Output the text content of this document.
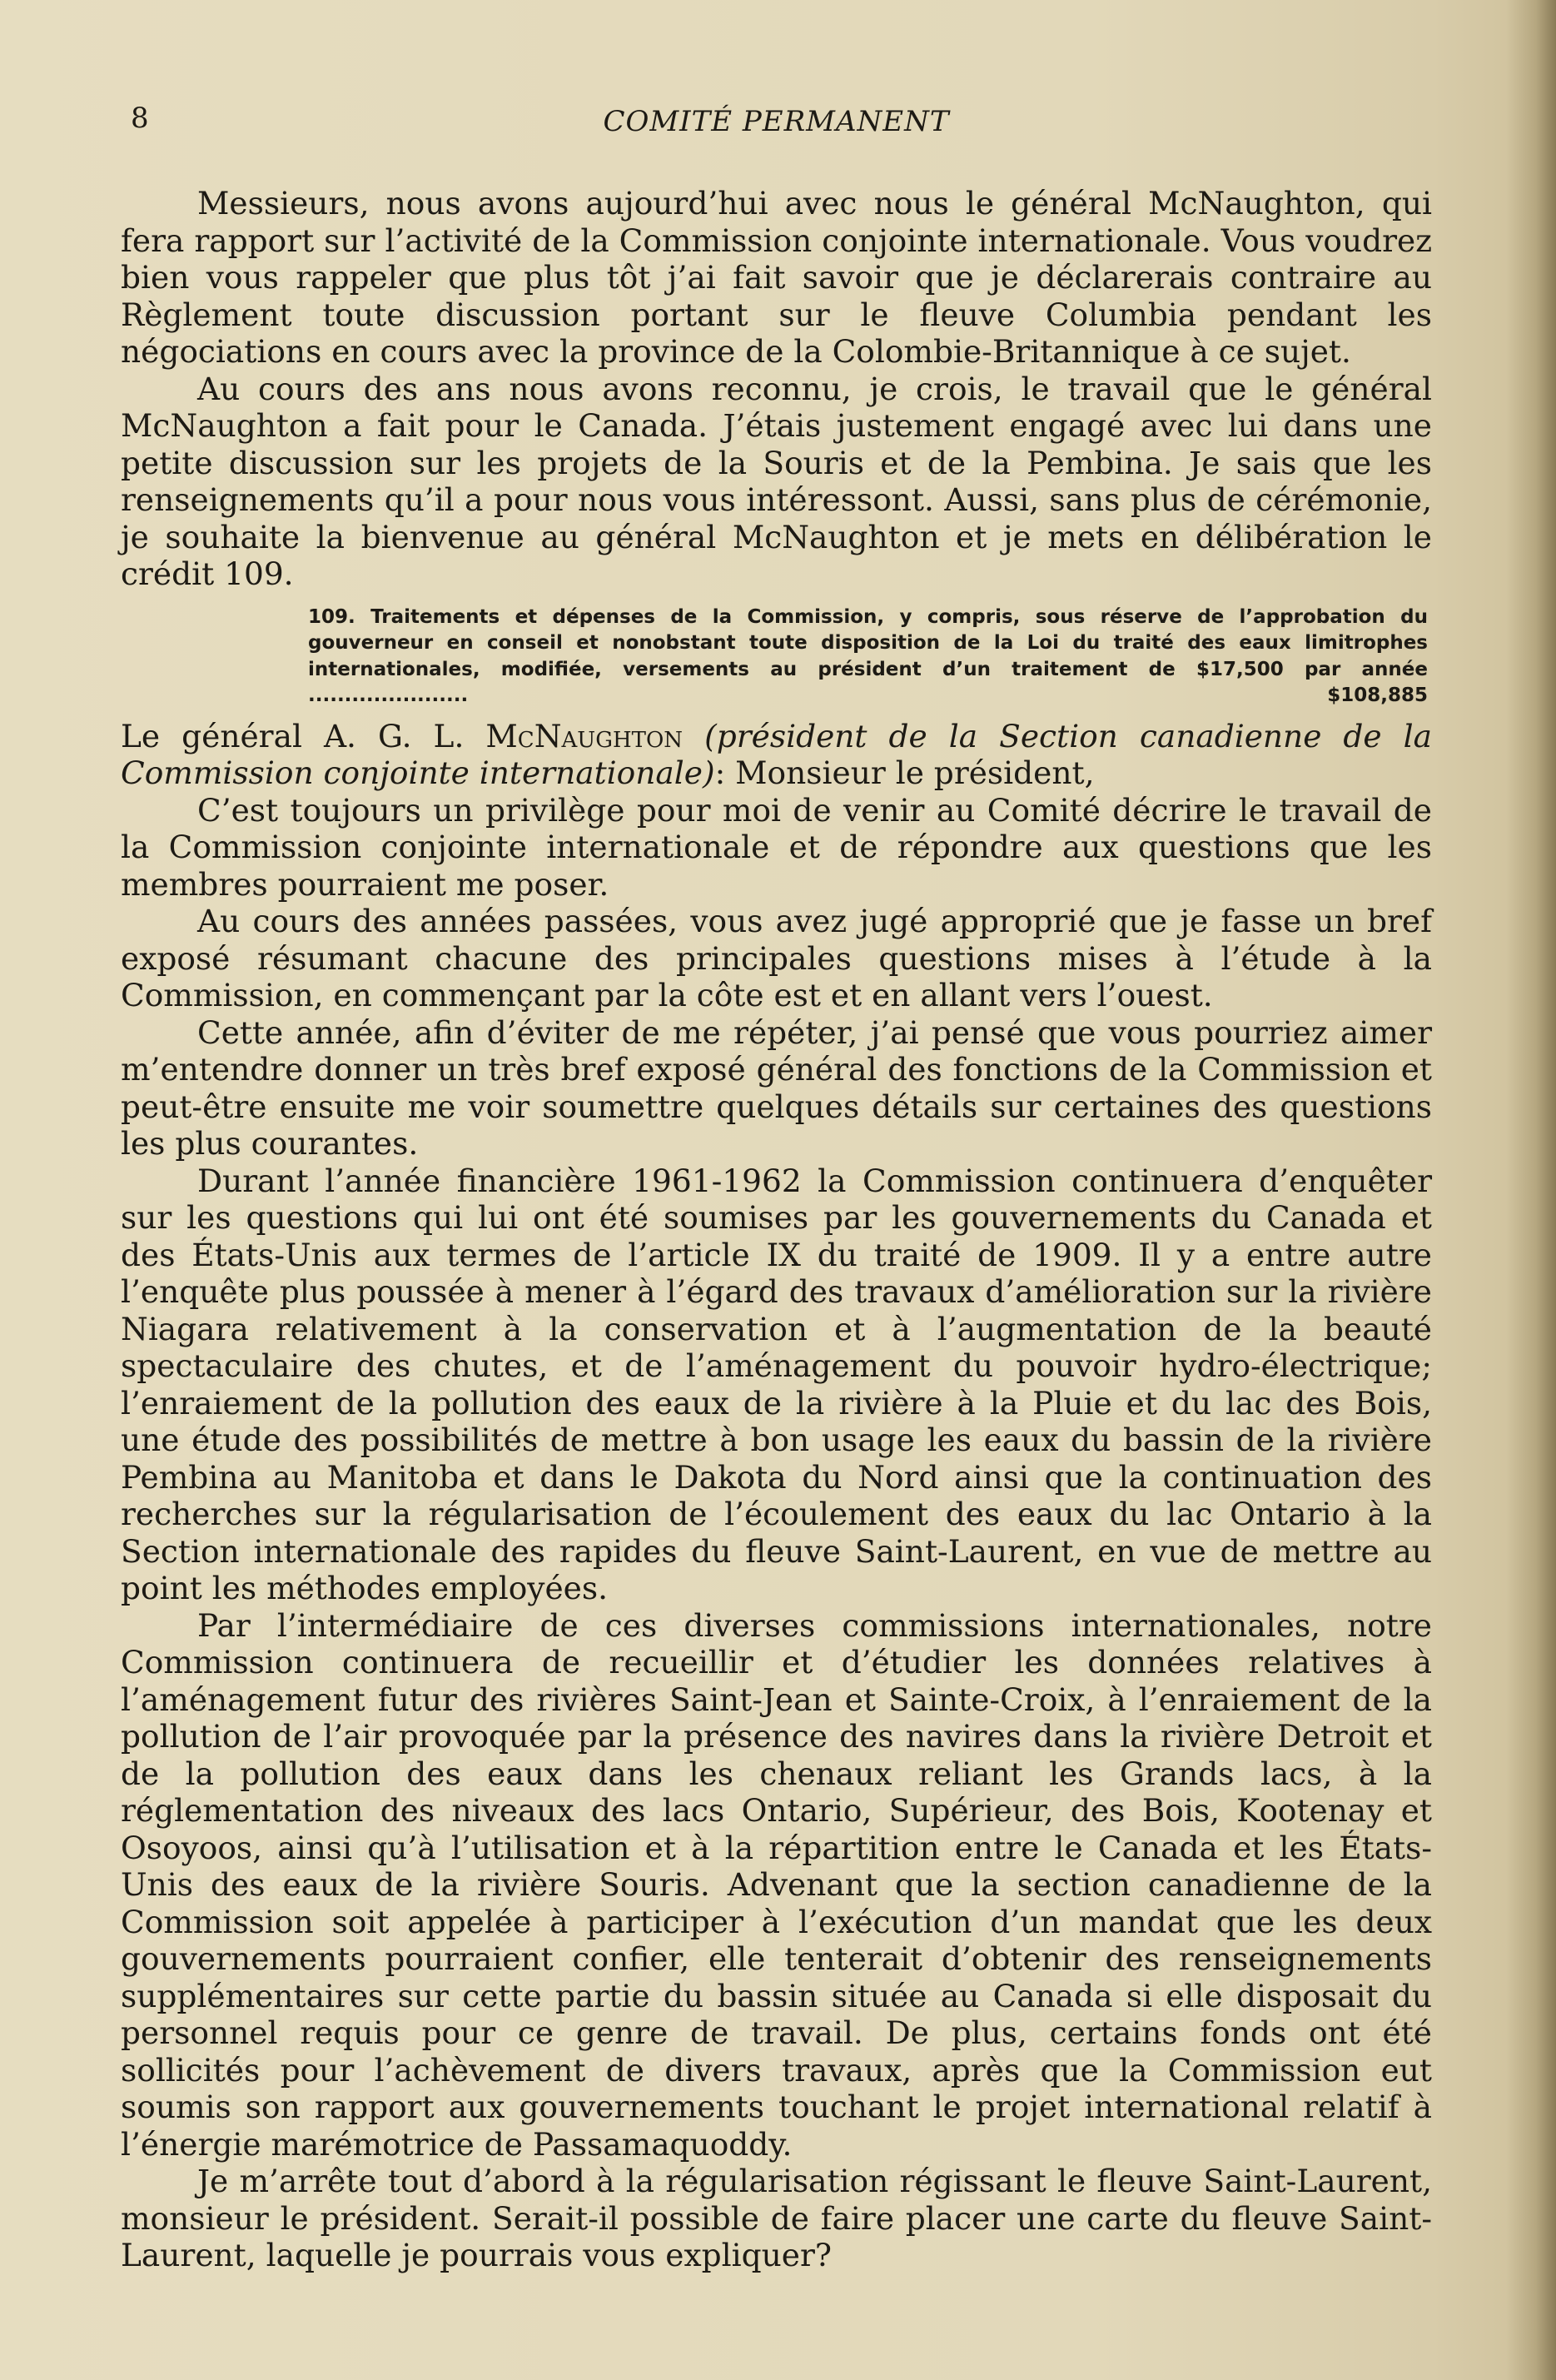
8	COMITÉ PERMANENT

Messieurs, nous avons aujourd’hui avec nous le général McNaughton, qui fera rapport sur l’activité de la Commission conjointe internationale. Vous voudrez bien vous rappeler que plus tôt j’ai fait savoir que je déclarerais contraire au Règlement toute discussion portant sur le fleuve Columbia pendant les négociations en cours avec la province de la Colombie-Britannique à ce sujet.

Au cours des ans nous avons reconnu, je crois, le travail que le général McNaughton a fait pour le Canada. J’étais justement engagé avec lui dans une petite discussion sur les projets de la Souris et de la Pembina. Je sais que les renseignements qu’il a pour nous vous intéressont. Aussi, sans plus de cérémonie, je souhaite la bienvenue au général McNaughton et je mets en délibération le crédit 109.

109. Traitements et dépenses de la Commission, y compris, sous réserve de l’approbation du gouverneur en conseil et nonobstant toute disposition de la Loi du traité des eaux limitrophes internationales, modifiée, versements au président d’un traitement de $17,500 par année ......................	$108,885

Le général A. G. L. McNaughton (président de la Section canadienne de la Commission conjointe internationale): Monsieur le président,

C’est toujours un privilège pour moi de venir au Comité décrire le travail de la Commission conjointe internationale et de répondre aux questions que les membres pourraient me poser.

Au cours des années passées, vous avez jugé approprié que je fasse un bref exposé résumant chacune des principales questions mises à l’étude à la Commission, en commençant par la côte est et en allant vers l’ouest.

Cette année, afin d’éviter de me répéter, j’ai pensé que vous pourriez aimer m’entendre donner un très bref exposé général des fonctions de la Commission et peut-être ensuite me voir soumettre quelques détails sur certaines des questions les plus courantes.

Durant l’année financière 1961-1962 la Commission continuera d’enquêter sur les questions qui lui ont été soumises par les gouvernements du Canada et des États-Unis aux termes de l’article IX du traité de 1909. Il y a entre autre l’enquête plus poussée à mener à l’égard des travaux d’amélioration sur la rivière Niagara relativement à la conservation et à l’augmentation de la beauté spectaculaire des chutes, et de l’aménagement du pouvoir hydro-électrique; l’enraiement de la pollution des eaux de la rivière à la Pluie et du lac des Bois, une étude des possibilités de mettre à bon usage les eaux du bassin de la rivière Pembina au Manitoba et dans le Dakota du Nord ainsi que la continuation des recherches sur la régularisation de l’écoulement des eaux du lac Ontario à la Section internationale des rapides du fleuve Saint-Laurent, en vue de mettre au point les méthodes employées.

Par l’intermédiaire de ces diverses commissions internationales, notre Commission continuera de recueillir et d’étudier les données relatives à l’aménagement futur des rivières Saint-Jean et Sainte-Croix, à l’enraiement de la pollution de l’air provoquée par la présence des navires dans la rivière Detroit et de la pollution des eaux dans les chenaux reliant les Grands lacs, à la réglementation des niveaux des lacs Ontario, Supérieur, des Bois, Kootenay et Osoyoos, ainsi qu’à l’utilisation et à la répartition entre le Canada et les États-Unis des eaux de la rivière Souris. Advenant que la section canadienne de la Commission soit appelée à participer à l’exécution d’un mandat que les deux gouvernements pourraient confier, elle tenterait d’obtenir des renseignements supplémentaires sur cette partie du bassin située au Canada si elle disposait du personnel requis pour ce genre de travail. De plus, certains fonds ont été sollicités pour l’achèvement de divers travaux, après que la Commission eut soumis son rapport aux gouvernements touchant le projet international relatif à l’énergie marémotrice de Passamaquoddy.

Je m’arrête tout d’abord à la régularisation régissant le fleuve Saint-Laurent, monsieur le président. Serait-il possible de faire placer une carte du fleuve Saint-Laurent, laquelle je pourrais vous expliquer?
